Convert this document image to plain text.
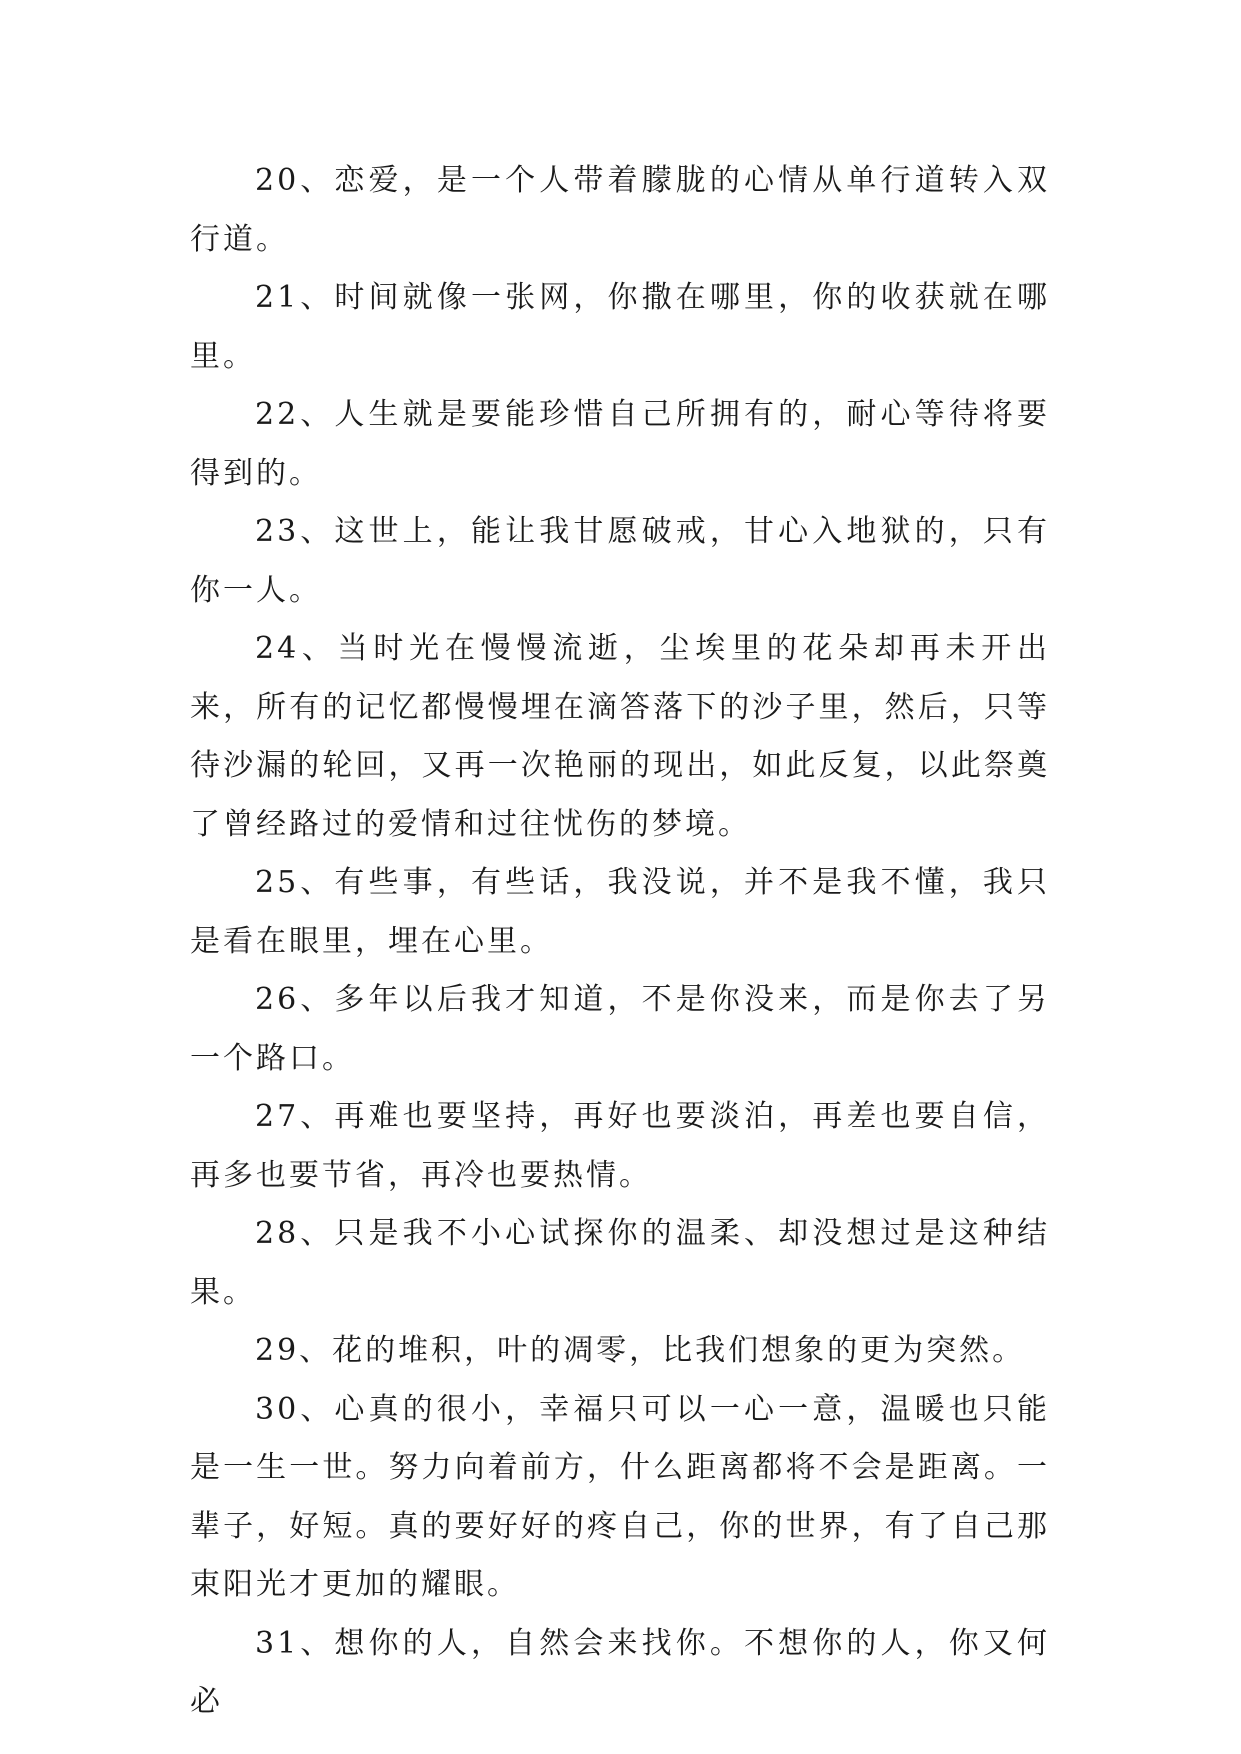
20、恋爱，是一个人带着朦胧的心情从单行道转入双行道。

21、时间就像一张网，你撒在哪里，你的收获就在哪里。

22、人生就是要能珍惜自己所拥有的，耐心等待将要得到的。

23、这世上，能让我甘愿破戒，甘心入地狱的，只有你一人。

24、当时光在慢慢流逝，尘埃里的花朵却再未开出来，所有的记忆都慢慢埋在滴答落下的沙子里，然后，只等待沙漏的轮回，又再一次艳丽的现出，如此反复，以此祭奠了曾经路过的爱情和过往忧伤的梦境。

25、有些事，有些话，我没说，并不是我不懂，我只是看在眼里，埋在心里。

26、多年以后我才知道，不是你没来，而是你去了另一个路口。

27、再难也要坚持，再好也要淡泊，再差也要自信，再多也要节省，再冷也要热情。

28、只是我不小心试探你的温柔、却没想过是这种结果。

29、花的堆积，叶的凋零，比我们想象的更为突然。

30、心真的很小，幸福只可以一心一意，温暖也只能是一生一世。努力向着前方，什么距离都将不会是距离。一辈子，好短。真的要好好的疼自己，你的世界，有了自己那束阳光才更加的耀眼。

31、想你的人，自然会来找你。不想你的人，你又何必
